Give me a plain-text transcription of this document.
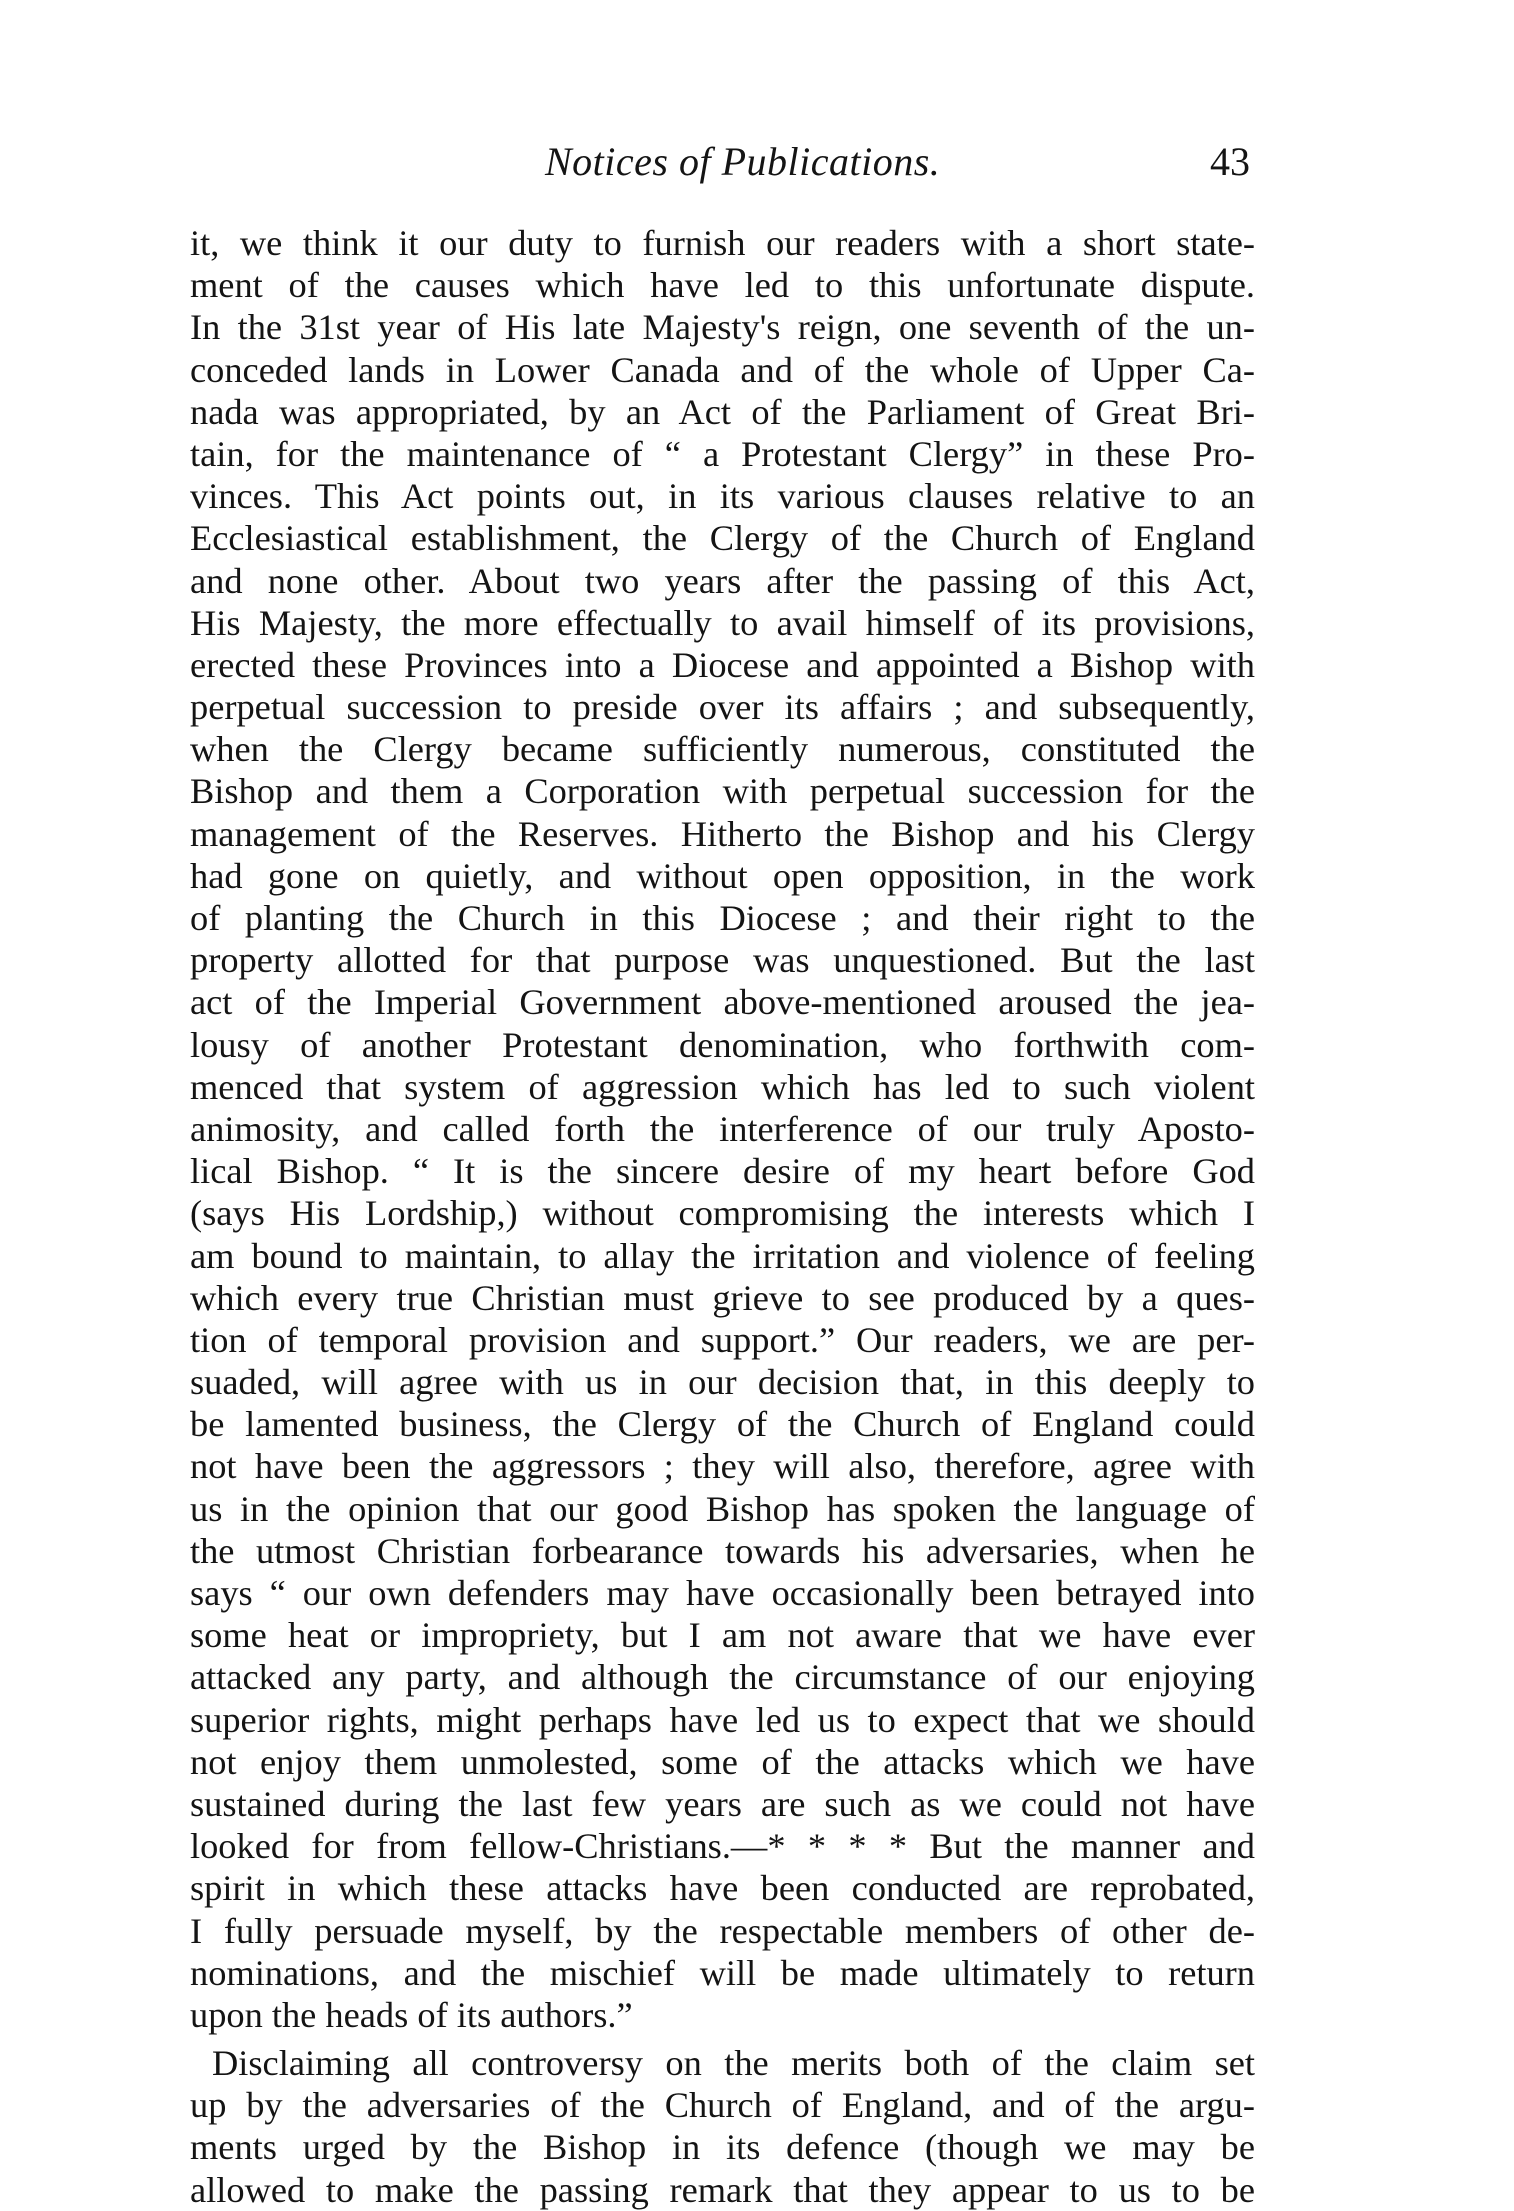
Notices of Publications.	43
it, we think it our duty to furnish our readers with a short state-
ment of the causes which have led to this unfortunate dispute.
In the 31st year of His late Majesty's reign, one seventh of the un-
conceded lands in Lower Canada and of the whole of Upper Ca-
nada was appropriated, by an Act of the Parliament of Great Bri-
tain, for the maintenance of “ a Protestant Clergy” in these Pro-
vinces. This Act points out, in its various clauses relative to an
Ecclesiastical establishment, the Clergy of the Church of England
and none other. About two years after the passing of this Act,
His Majesty, the more effectually to avail himself of its provisions,
erected these Provinces into a Diocese and appointed a Bishop with
perpetual succession to preside over its affairs ; and subsequently,
when the Clergy became sufficiently numerous, constituted the
Bishop and them a Corporation with perpetual succession for the
management of the Reserves. Hitherto the Bishop and his Clergy
had gone on quietly, and without open opposition, in the work
of planting the Church in this Diocese ; and their right to the
property allotted for that purpose was unquestioned. But the last
act of the Imperial Government above-mentioned aroused the jea-
lousy of another Protestant denomination, who forthwith com-
menced that system of aggression which has led to such violent
animosity, and called forth the interference of our truly Aposto-
lical Bishop. “ It is the sincere desire of my heart before God
(says His Lordship,) without compromising the interests which I
am bound to maintain, to allay the irritation and violence of feeling
which every true Christian must grieve to see produced by a ques-
tion of temporal provision and support.” Our readers, we are per-
suaded, will agree with us in our decision that, in this deeply to
be lamented business, the Clergy of the Church of England could
not have been the aggressors ; they will also, therefore, agree with
us in the opinion that our good Bishop has spoken the language of
the utmost Christian forbearance towards his adversaries, when he
says “ our own defenders may have occasionally been betrayed into
some heat or impropriety, but I am not aware that we have ever
attacked any party, and although the circumstance of our enjoying
superior rights, might perhaps have led us to expect that we should
not enjoy them unmolested, some of the attacks which we have
sustained during the last few years are such as we could not have
looked for from fellow-Christians.—* * * * But the manner and
spirit in which these attacks have been conducted are reprobated,
I fully persuade myself, by the respectable members of other de-
nominations, and the mischief will be made ultimately to return
upon the heads of its authors.”
Disclaiming all controversy on the merits both of the claim set
up by the adversaries of the Church of England, and of the argu-
ments urged by the Bishop in its defence (though we may be
allowed to make the passing remark that they appear to us to be
